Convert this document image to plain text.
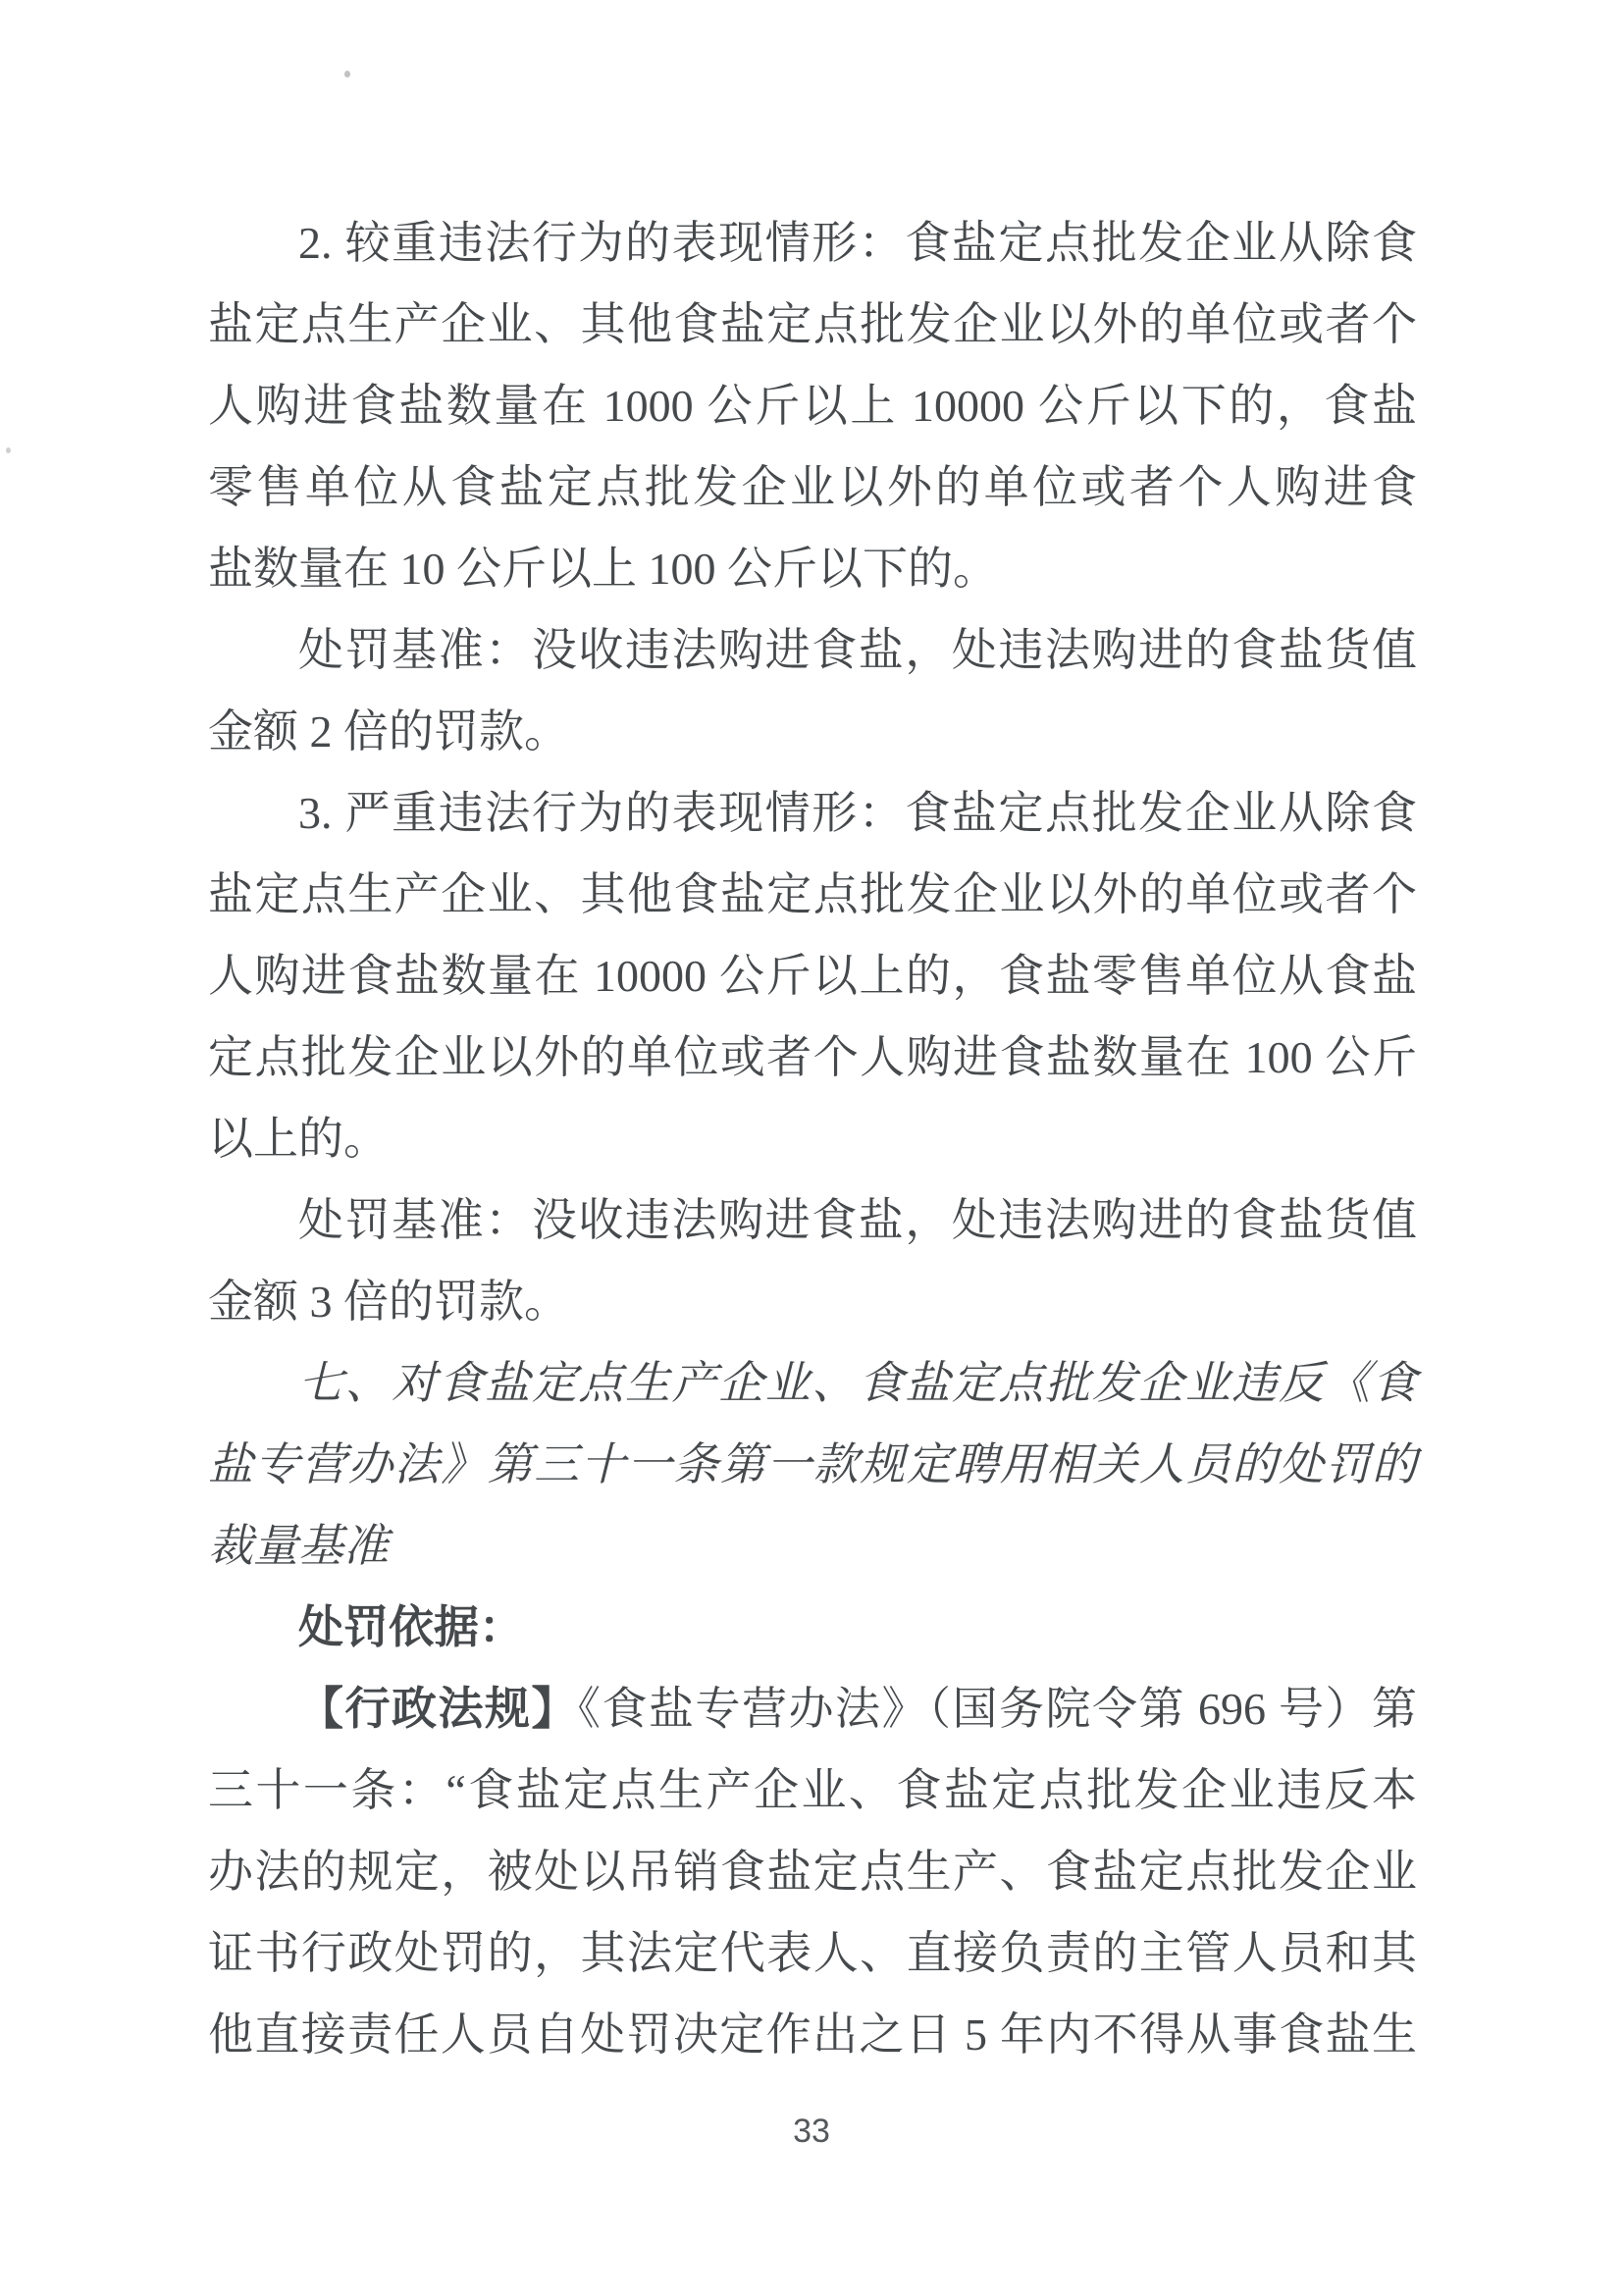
2. 较重违法行为的表现情形：食盐定点批发企业从除食
盐定点生产企业、其他食盐定点批发企业以外的单位或者个
人购进食盐数量在 1000 公斤以上 10000 公斤以下的，食盐
零售单位从食盐定点批发企业以外的单位或者个人购进食
盐数量在 10 公斤以上 100 公斤以下的。
处罚基准：没收违法购进食盐，处违法购进的食盐货值
金额 2 倍的罚款。
3. 严重违法行为的表现情形：食盐定点批发企业从除食
盐定点生产企业、其他食盐定点批发企业以外的单位或者个
人购进食盐数量在 10000 公斤以上的，食盐零售单位从食盐
定点批发企业以外的单位或者个人购进食盐数量在 100 公斤
以上的。
处罚基准：没收违法购进食盐，处违法购进的食盐货值
金额 3 倍的罚款。
七、对食盐定点生产企业、食盐定点批发企业违反《食
盐专营办法》第三十一条第一款规定聘用相关人员的处罚的
裁量基准
处罚依据：
【行政法规】《食盐专营办法》（国务院令第 696 号）第
三十一条：“食盐定点生产企业、食盐定点批发企业违反本
办法的规定，被处以吊销食盐定点生产、食盐定点批发企业
证书行政处罚的，其法定代表人、直接负责的主管人员和其
他直接责任人员自处罚决定作出之日 5 年内不得从事食盐生
33
